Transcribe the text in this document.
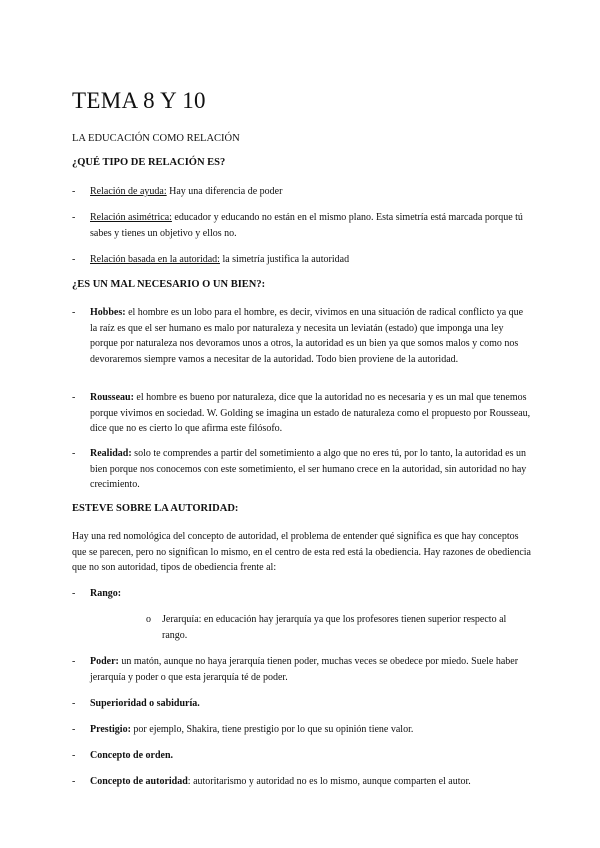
TEMA 8 Y 10
LA EDUCACIÓN COMO RELACIÓN
¿QUÉ TIPO DE RELACIÓN ES?
- Relación de ayuda: Hay una diferencia de poder
- Relación asimétrica: educador y educando no están en el mismo plano. Esta simetría está marcada porque tú sabes y tienes un objetivo y ellos no.
- Relación basada en la autoridad: la simetría justifica la autoridad
¿ES UN MAL NECESARIO O UN BIEN?:
- Hobbes: el hombre es un lobo para el hombre, es decir, vivimos en una situación de radical conflicto ya que la raíz es que el ser humano es malo por naturaleza y necesita un leviatán (estado) que imponga una ley porque por naturaleza nos devoramos unos a otros, la autoridad es un bien ya que somos malos y como nos devoraremos siempre vamos a necesitar de la autoridad. Todo bien proviene de la autoridad.
- Rousseau: el hombre es bueno por naturaleza, dice que la autoridad no es necesaria y es un mal que tenemos porque vivimos en sociedad. W. Golding se imagina un estado de naturaleza como el propuesto por Rousseau, dice que no es cierto lo que afirma este filósofo.
- Realidad: solo te comprendes a partir del sometimiento a algo que no eres tú, por lo tanto, la autoridad es un bien porque nos conocemos con este sometimiento, el ser humano crece en la autoridad, sin autoridad no hay crecimiento.
ESTEVE SOBRE LA AUTORIDAD:
Hay una red nomológica del concepto de autoridad, el problema de entender qué significa es que hay conceptos que se parecen, pero no significan lo mismo, en el centro de esta red está la obediencia. Hay razones de obediencia que no son autoridad, tipos de obediencia frente al:
- Rango:
o Jerarquía: en educación hay jerarquía ya que los profesores tienen superior respecto al rango.
- Poder: un matón, aunque no haya jerarquía tienen poder, muchas veces se obedece por miedo. Suele haber jerarquía y poder o que esta jerarquía té de poder.
- Superioridad o sabiduría.
- Prestigio: por ejemplo, Shakira, tiene prestigio por lo que su opinión tiene valor.
- Concepto de orden.
- Concepto de autoridad: autoritarismo y autoridad no es lo mismo, aunque comparten el autor.
